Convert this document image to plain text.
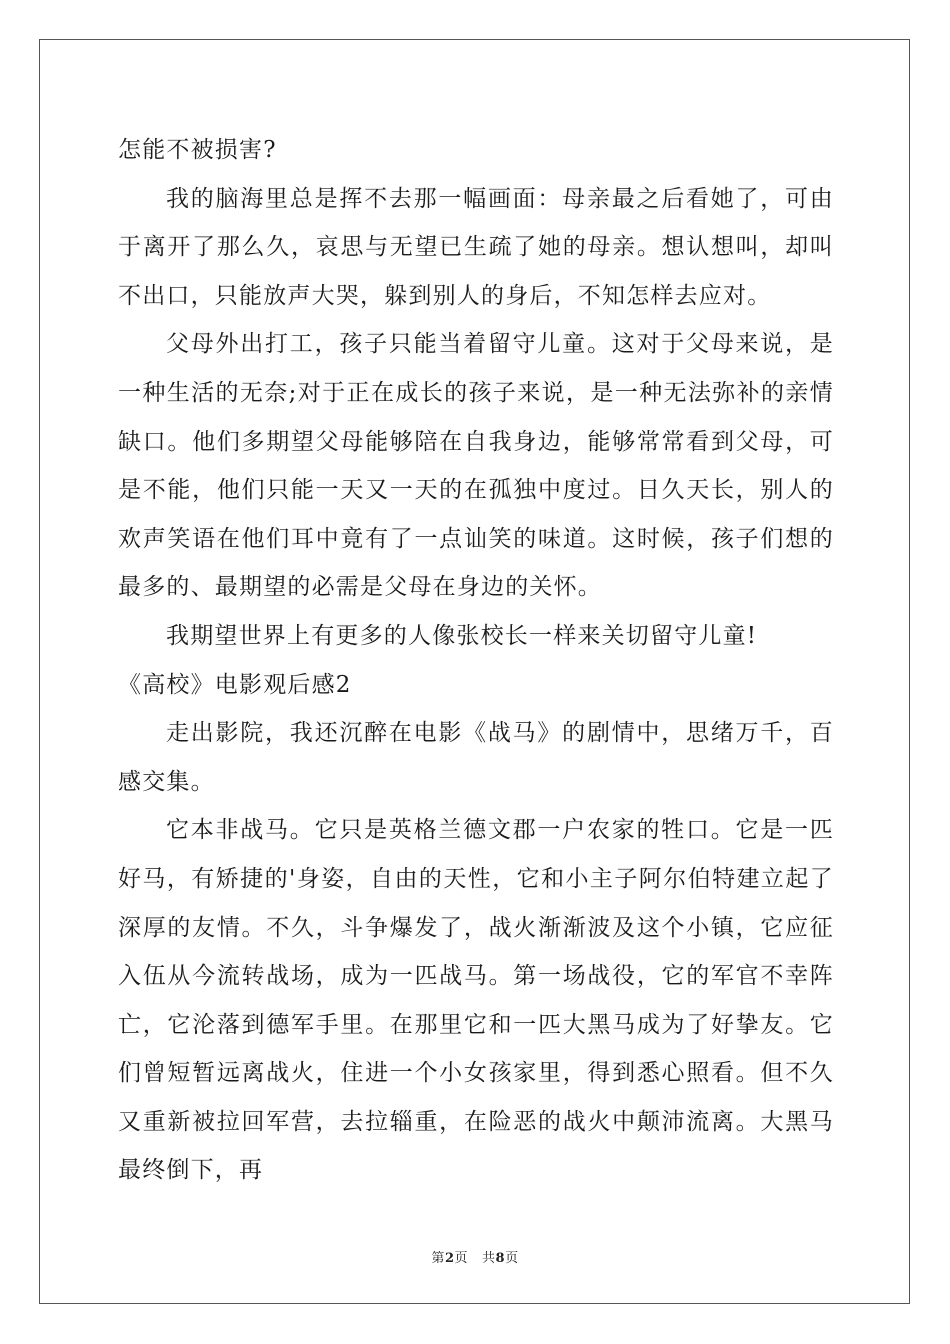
怎能不被损害?

我的脑海里总是挥不去那一幅画面：母亲最之后看她了，可由于离开了那么久，哀思与无望已生疏了她的母亲。想认想叫，却叫不出口，只能放声大哭，躲到别人的身后，不知怎样去应对。

父母外出打工，孩子只能当着留守儿童。这对于父母来说，是一种生活的无奈;对于正在成长的孩子来说，是一种无法弥补的亲情缺口。他们多期望父母能够陪在自我身边，能够常常看到父母，可是不能，他们只能一天又一天的在孤独中度过。日久天长，别人的欢声笑语在他们耳中竟有了一点讪笑的味道。这时候，孩子们想的最多的、最期望的必需是父母在身边的关怀。

我期望世界上有更多的人像张校长一样来关切留守儿童!

《高校》电影观后感2

走出影院，我还沉醉在电影《战马》的剧情中，思绪万千，百感交集。

它本非战马。它只是英格兰德文郡一户农家的牲口。它是一匹好马，有矫捷的'身姿，自由的天性，它和小主子阿尔伯特建立起了深厚的友情。不久，斗争爆发了，战火渐渐波及这个小镇，它应征入伍从今流转战场，成为一匹战马。第一场战役，它的军官不幸阵亡，它沦落到德军手里。在那里它和一匹大黑马成为了好挚友。它们曾短暂远离战火，住进一个小女孩家里，得到悉心照看。但不久又重新被拉回军营，去拉辎重，在险恶的战火中颠沛流离。大黑马最终倒下，再

第2页 共8页
